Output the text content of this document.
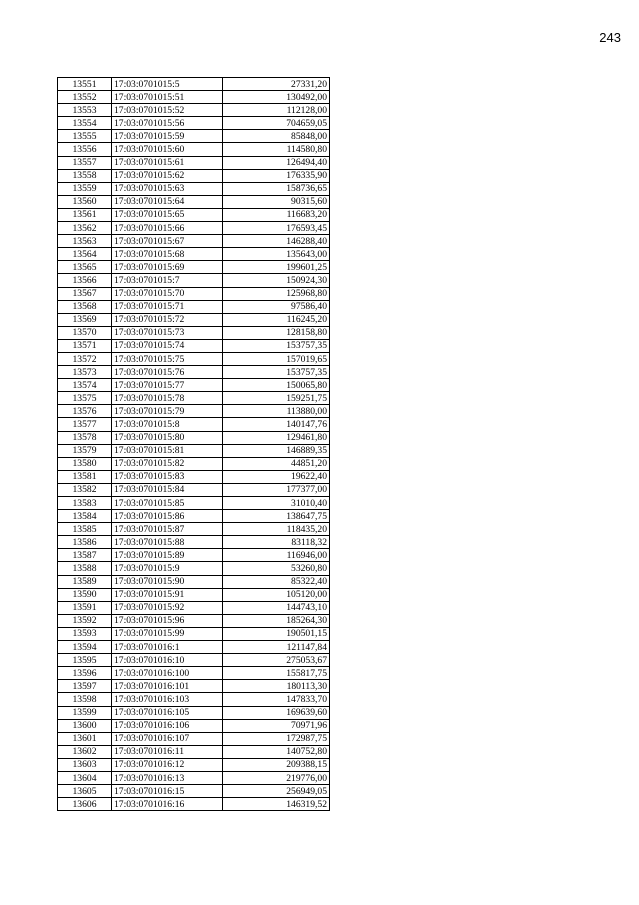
243
13551	17:03:0701015:5	27331,20
13552	17:03:0701015:51	130492,00
13553	17:03:0701015:52	112128,00
13554	17:03:0701015:56	704659,05
13555	17:03:0701015:59	85848,00
13556	17:03:0701015:60	114580,80
13557	17:03:0701015:61	126494,40
13558	17:03:0701015:62	176335,90
13559	17:03:0701015:63	158736,65
13560	17:03:0701015:64	90315,60
13561	17:03:0701015:65	116683,20
13562	17:03:0701015:66	176593,45
13563	17:03:0701015:67	146288,40
13564	17:03:0701015:68	135643,00
13565	17:03:0701015:69	199601,25
13566	17:03:0701015:7	150924,30
13567	17:03:0701015:70	125968,80
13568	17:03:0701015:71	97586,40
13569	17:03:0701015:72	116245,20
13570	17:03:0701015:73	128158,80
13571	17:03:0701015:74	153757,35
13572	17:03:0701015:75	157019,65
13573	17:03:0701015:76	153757,35
13574	17:03:0701015:77	150065,80
13575	17:03:0701015:78	159251,75
13576	17:03:0701015:79	113880,00
13577	17:03:0701015:8	140147,76
13578	17:03:0701015:80	129461,80
13579	17:03:0701015:81	146889,35
13580	17:03:0701015:82	44851,20
13581	17:03:0701015:83	19622,40
13582	17:03:0701015:84	177377,00
13583	17:03:0701015:85	31010,40
13584	17:03:0701015:86	138647,75
13585	17:03:0701015:87	118435,20
13586	17:03:0701015:88	83118,32
13587	17:03:0701015:89	116946,00
13588	17:03:0701015:9	53260,80
13589	17:03:0701015:90	85322,40
13590	17:03:0701015:91	105120,00
13591	17:03:0701015:92	144743,10
13592	17:03:0701015:96	185264,30
13593	17:03:0701015:99	190501,15
13594	17:03:0701016:1	121147,84
13595	17:03:0701016:10	275053,67
13596	17:03:0701016:100	155817,75
13597	17:03:0701016:101	180113,30
13598	17:03:0701016:103	147833,70
13599	17:03:0701016:105	169639,60
13600	17:03:0701016:106	70971,96
13601	17:03:0701016:107	172987,75
13602	17:03:0701016:11	140752,80
13603	17:03:0701016:12	209388,15
13604	17:03:0701016:13	219776,00
13605	17:03:0701016:15	256949,05
13606	17:03:0701016:16	146319,52
